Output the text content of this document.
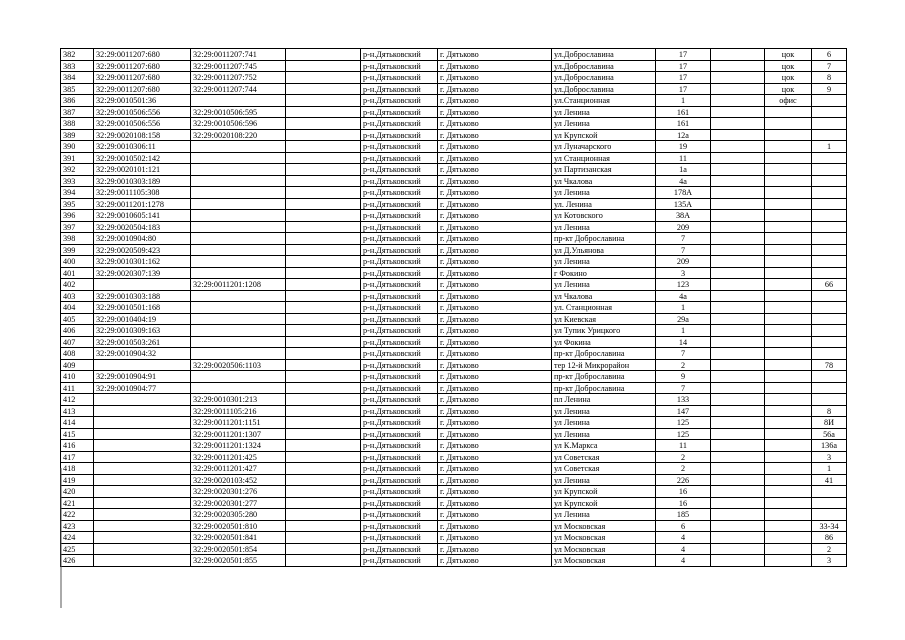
382	32:29:0011207:680	32:29:0011207:741		р-н.Дятьковский	г. Дятьково	ул.Доброславина	17		цок	6
383	32:29:0011207:680	32:29:0011207:745		р-н.Дятьковский	г. Дятьково	ул.Доброславина	17		цок	7
384	32:29:0011207:680	32:29:0011207:752		р-н.Дятьковский	г. Дятьково	ул.Доброславина	17		цок	8
385	32:29:0011207:680	32:29:0011207:744		р-н.Дятьковский	г. Дятьково	ул.Доброславина	17		цок	9
386	32:29:0010501:36			р-н.Дятьковский	г. Дятьково	ул.Станционная	1		офис	
387	32:29:0010506:556	32:29:0010506:595		р-н.Дятьковский	г. Дятьково	ул Ленина	161			
388	32:29:0010506:556	32:29:0010506:596		р-н.Дятьковский	г. Дятьково	ул Ленина	161			
389	32:29:0020108:158	32:29:0020108:220		р-н.Дятьковский	г. Дятьково	ул Крупской	12а			
390	32:29:0010306:11			р-н.Дятьковский	г. Дятьково	ул Луначарского	19			1
391	32:29:0010502:142			р-н.Дятьковский	г. Дятьково	ул Станционная	11			
392	32:29:0020101:121			р-н.Дятьковский	г. Дятьково	ул Партизанская	1а			
393	32:29:0010303:189			р-н.Дятьковский	г. Дятьково	ул Чкалова	4а			
394	32:29:0011105:308			р-н.Дятьковский	г. Дятьково	ул Ленина	178А			
395	32:29:0011201:1278			р-н.Дятьковский	г. Дятьково	ул. Ленина	135А			
396	32:29:0010605:141			р-н.Дятьковский	г. Дятьково	ул Котовского	38А			
397	32:29:0020504:183			р-н.Дятьковский	г. Дятьково	ул Ленина	209			
398	32:29:0010904:80			р-н.Дятьковский	г. Дятьково	пр-кт Доброславина	7			
399	32:29:0020509:423			р-н.Дятьковский	г. Дятьково	ул Д.Ульянова	7			
400	32:29:0010301:162			р-н.Дятьковский	г. Дятьково	ул Ленина	209			
401	32:29:0020307:139			р-н.Дятьковский	г. Дятьково	г Фокино	3			
402		32:29:0011201:1208		р-н.Дятьковский	г. Дятьково	ул Ленина	123			66
403	32:29:0010303:188			р-н.Дятьковский	г. Дятьково	ул Чкалова	4а			
404	32:29:0010501:168			р-н.Дятьковский	г. Дятьково	ул. Станционная	1			
405	32:29:0010404:19			р-н.Дятьковский	г. Дятьково	ул Киевская	29а			
406	32:29:0010309:163			р-н.Дятьковский	г. Дятьково	ул Тупик Урицкого	1			
407	32:29:0010503:261			р-н.Дятьковский	г. Дятьково	ул Фокина	14			
408	32:29:0010904:32			р-н.Дятьковский	г. Дятьково	пр-кт Доброславина	7			
409		32:29:0020506:1103		р-н.Дятьковский	г. Дятьково	тер 12-й Микрорайон	2			78
410	32:29:0010904:91			р-н.Дятьковский	г. Дятьково	пр-кт Доброславина	9			
411	32:29:0010904:77			р-н.Дятьковский	г. Дятьково	пр-кт Доброславина	7			
412		32:29:0010301:213		р-н.Дятьковский	г. Дятьково	пл Ленина	133			
413		32:29:0011105:216		р-н.Дятьковский	г. Дятьково	ул Ленина	147			8
414		32:29:0011201:1151		р-н.Дятьковский	г. Дятьково	ул Ленина	125			8И
415		32:29:0011201:1307		р-н.Дятьковский	г. Дятьково	ул Ленина	125			56а
416		32:29:0011201:1324		р-н.Дятьковский	г. Дятьково	ул К.Маркса	11			136а
417		32:29:0011201:425		р-н.Дятьковский	г. Дятьково	ул Советская	2			3
418		32:29:0011201:427		р-н.Дятьковский	г. Дятьково	ул Советская	2			1
419		32:29:0020103:452		р-н.Дятьковский	г. Дятьково	ул Ленина	226			41
420		32:29:0020301:276		р-н.Дятьковский	г. Дятьково	ул Крупской	16			
421		32:29:0020301:277		р-н.Дятьковский	г. Дятьково	ул Крупской	16			
422		32:29:0020305:280		р-н.Дятьковский	г. Дятьково	ул Ленина	185			
423		32:29:0020501:810		р-н.Дятьковский	г. Дятьково	ул Московская	6			33-34
424		32:29:0020501:841		р-н.Дятьковский	г. Дятьково	ул Московская	4			86
425		32:29:0020501:854		р-н.Дятьковский	г. Дятьково	ул Московская	4			2
426		32:29:0020501:855		р-н.Дятьковский	г. Дятьково	ул Московская	4			3
